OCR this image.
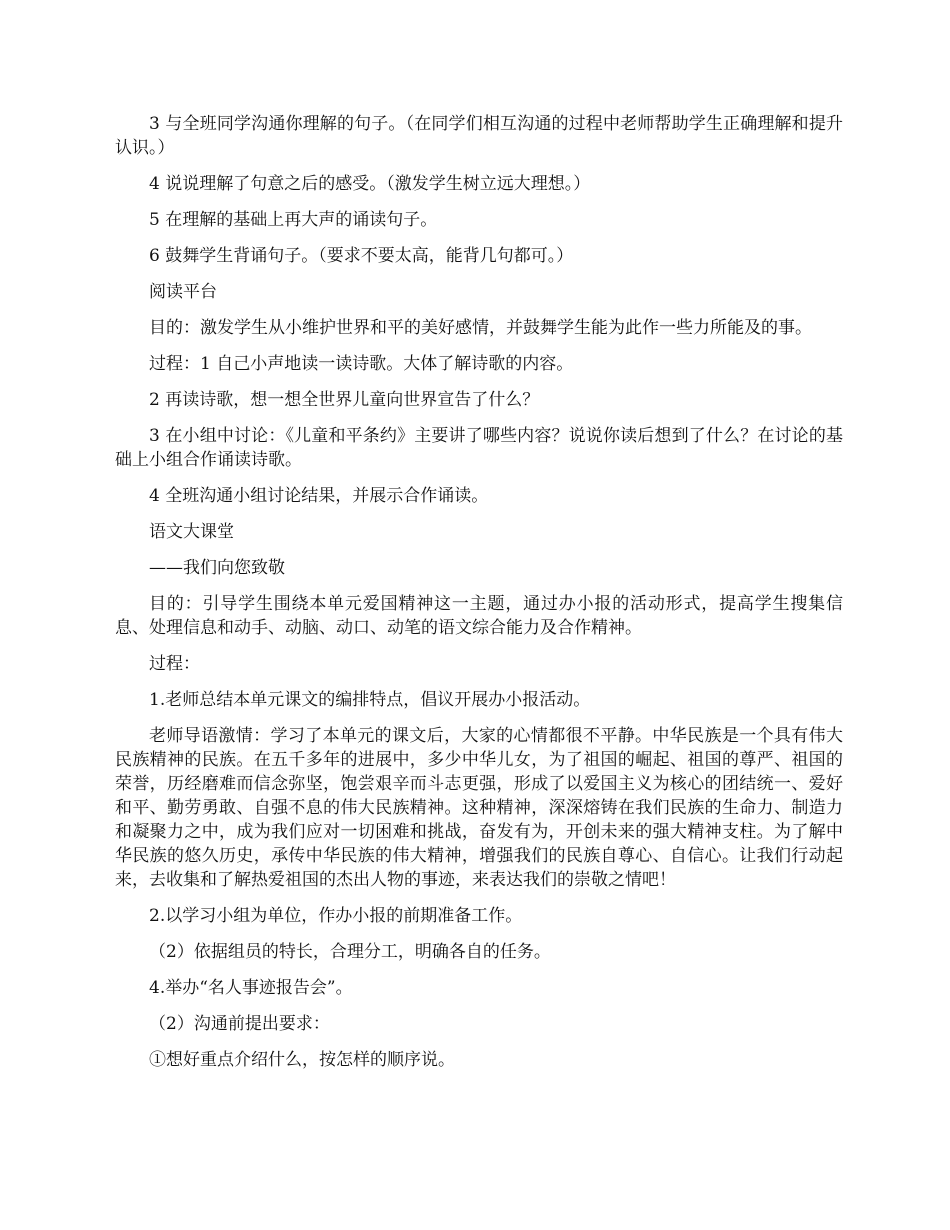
3 与全班同学沟通你理解的句子。（在同学们相互沟通的过程中老师帮助学生正确理解和提升认识。）

4 说说理解了句意之后的感受。（激发学生树立远大理想。）

5 在理解的基础上再大声的诵读句子。

6 鼓舞学生背诵句子。（要求不要太高，能背几句都可。）

阅读平台

目的：激发学生从小维护世界和平的美好感情，并鼓舞学生能为此作一些力所能及的事。

过程：1 自己小声地读一读诗歌。大体了解诗歌的内容。

2 再读诗歌，想一想全世界儿童向世界宣告了什么？

3 在小组中讨论：《儿童和平条约》主要讲了哪些内容？说说你读后想到了什么？在讨论的基础上小组合作诵读诗歌。

4 全班沟通小组讨论结果，并展示合作诵读。

语文大课堂

——我们向您致敬

目的：引导学生围绕本单元爱国精神这一主题，通过办小报的活动形式，提高学生搜集信息、处理信息和动手、动脑、动口、动笔的语文综合能力及合作精神。

过程：

1.老师总结本单元课文的编排特点，倡议开展办小报活动。

老师导语激情：学习了本单元的课文后，大家的心情都很不平静。中华民族是一个具有伟大民族精神的民族。在五千多年的进展中，多少中华儿女，为了祖国的崛起、祖国的尊严、祖国的荣誉，历经磨难而信念弥坚，饱尝艰辛而斗志更强，形成了以爱国主义为核心的团结统一、爱好和平、勤劳勇敢、自强不息的伟大民族精神。这种精神，深深熔铸在我们民族的生命力、制造力和凝聚力之中，成为我们应对一切困难和挑战，奋发有为，开创未来的强大精神支柱。为了解中华民族的悠久历史，承传中华民族的伟大精神，增强我们的民族自尊心、自信心。让我们行动起来，去收集和了解热爱祖国的杰出人物的事迹，来表达我们的崇敬之情吧！

2.以学习小组为单位，作办小报的前期准备工作。

（2）依据组员的特长，合理分工，明确各自的任务。

4.举办“名人事迹报告会”。

（2）沟通前提出要求：

①想好重点介绍什么，按怎样的顺序说。
